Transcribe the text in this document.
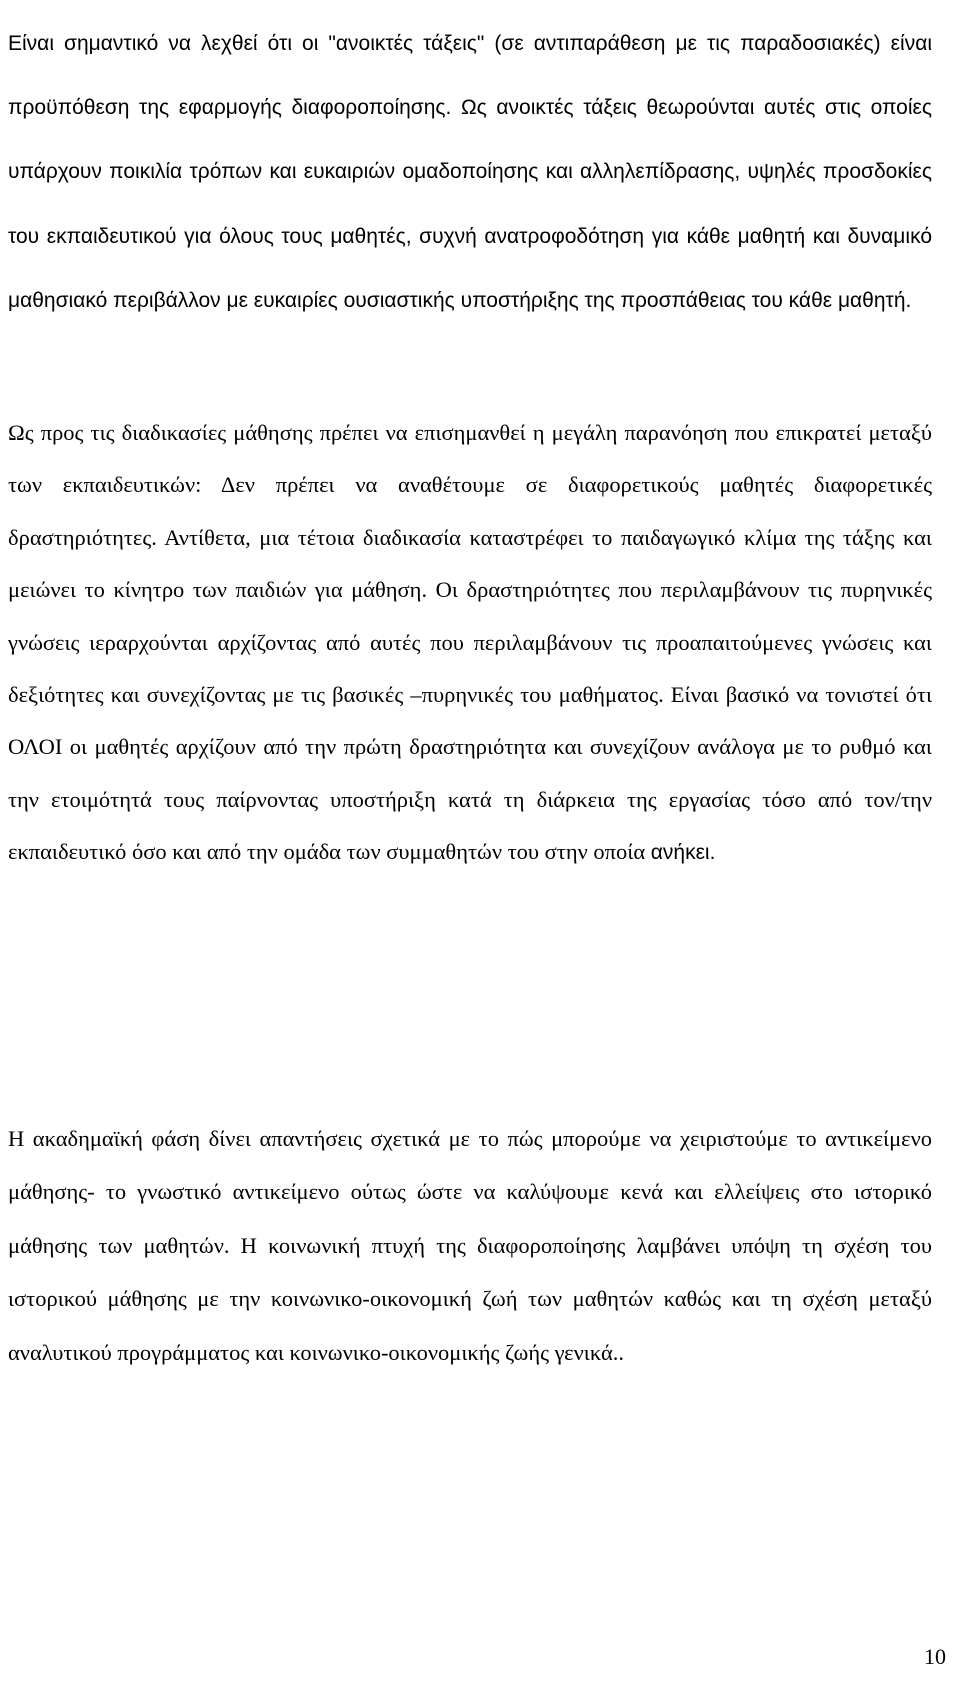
Είναι σημαντικό να λεχθεί ότι οι "ανοικτές τάξεις" (σε αντιπαράθεση με τις παραδοσιακές) είναι προϋπόθεση της εφαρμογής διαφοροποίησης. Ως ανοικτές τάξεις θεωρούνται αυτές στις οποίες υπάρχουν ποικιλία τρόπων και ευκαιριών ομαδοποίησης και αλληλεπίδρασης, υψηλές προσδοκίες του εκπαιδευτικού για όλους τους μαθητές, συχνή ανατροφοδότηση για κάθε μαθητή και δυναμικό μαθησιακό περιβάλλον με ευκαιρίες ουσιαστικής υποστήριξης της προσπάθειας του κάθε μαθητή.

Ως προς τις διαδικασίες μάθησης πρέπει να επισημανθεί η μεγάλη παρανόηση που επικρατεί μεταξύ των εκπαιδευτικών: Δεν πρέπει να αναθέτουμε σε διαφορετικούς μαθητές διαφορετικές δραστηριότητες. Αντίθετα, μια τέτοια διαδικασία καταστρέφει το παιδαγωγικό κλίμα της τάξης και μειώνει το κίνητρο των παιδιών για μάθηση. Οι δραστηριότητες που περιλαμβάνουν τις πυρηνικές γνώσεις ιεραρχούνται αρχίζοντας από αυτές που περιλαμβάνουν τις προαπαιτούμενες γνώσεις και δεξιότητες και συνεχίζοντας με τις βασικές –πυρηνικές του μαθήματος. Είναι βασικό να τονιστεί ότι ΟΛΟΙ οι μαθητές αρχίζουν από την πρώτη δραστηριότητα και συνεχίζουν ανάλογα με το ρυθμό και την ετοιμότητά τους παίρνοντας υποστήριξη κατά τη διάρκεια της εργασίας τόσο από τον/την εκπαιδευτικό όσο και από την ομάδα των συμμαθητών του στην οποία ανήκει.

Η ακαδημαϊκή φάση δίνει απαντήσεις σχετικά με το πώς μπορούμε να χειριστούμε το αντικείμενο μάθησης- το γνωστικό αντικείμενο ούτως ώστε να καλύψουμε κενά και ελλείψεις στο ιστορικό μάθησης των μαθητών. Η κοινωνική πτυχή της διαφοροποίησης λαμβάνει υπόψη τη σχέση του ιστορικού μάθησης με την κοινωνικο-οικονομική ζωή των μαθητών καθώς και τη σχέση μεταξύ αναλυτικού προγράμματος και κοινωνικο-οικονομικής ζωής γενικά..

10
